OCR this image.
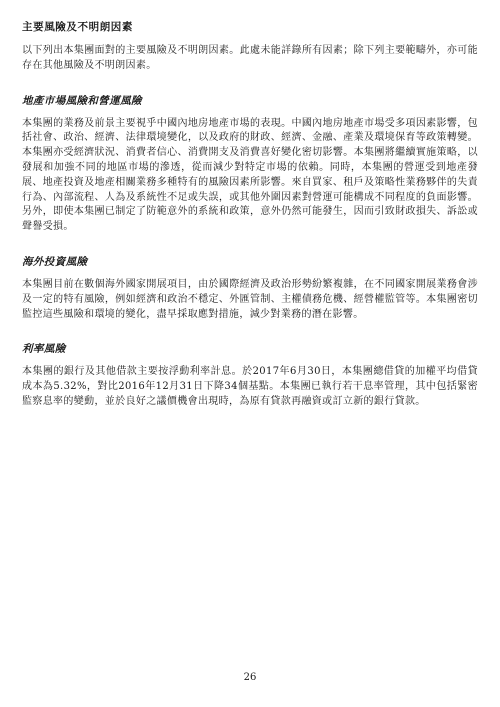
主要風險及不明朗因素

以下列出本集團面對的主要風險及不明朗因素。此處未能詳錄所有因素；除下列主要範疇外，亦可能存在其他風險及不明朗因素。

地產市場風險和營運風險

本集團的業務及前景主要視乎中國內地房地產市場的表現。中國內地房地產市場受多項因素影響，包括社會、政治、經濟、法律環境變化，以及政府的財政、經濟、金融、產業及環境保育等政策轉變。本集團亦受經濟狀況、消費者信心、消費開支及消費喜好變化密切影響。本集團將繼續實施策略，以發展和加強不同的地區市場的滲透，從而減少對特定市場的依賴。同時，本集團的營運受到地產發展、地產投資及地產相關業務多種特有的風險因素所影響。來自買家、租戶及策略性業務夥伴的失責行為、內部流程、人為及系統性不足或失誤，或其他外圍因素對營運可能構成不同程度的負面影響。另外，即使本集團已制定了防範意外的系統和政策，意外仍然可能發生，因而引致財政損失、訴訟或聲譽受損。

海外投資風險

本集團目前在數個海外國家開展項目，由於國際經濟及政治形勢紛繁複雜，在不同國家開展業務會涉及一定的特有風險，例如經濟和政治不穩定、外匯管制、主權債務危機、經營權監管等。本集團密切監控這些風險和環境的變化，盡早採取應對措施，減少對業務的潛在影響。

利率風險

本集團的銀行及其他借款主要按浮動利率計息。於2017年6月30日，本集團總借貸的加權平均借貸成本為5.32%，對比2016年12月31日下降34個基點。本集團已執行若干息率管理，其中包括緊密監察息率的變動，並於良好之議價機會出現時，為原有貸款再融資或訂立新的銀行貸款。

26
